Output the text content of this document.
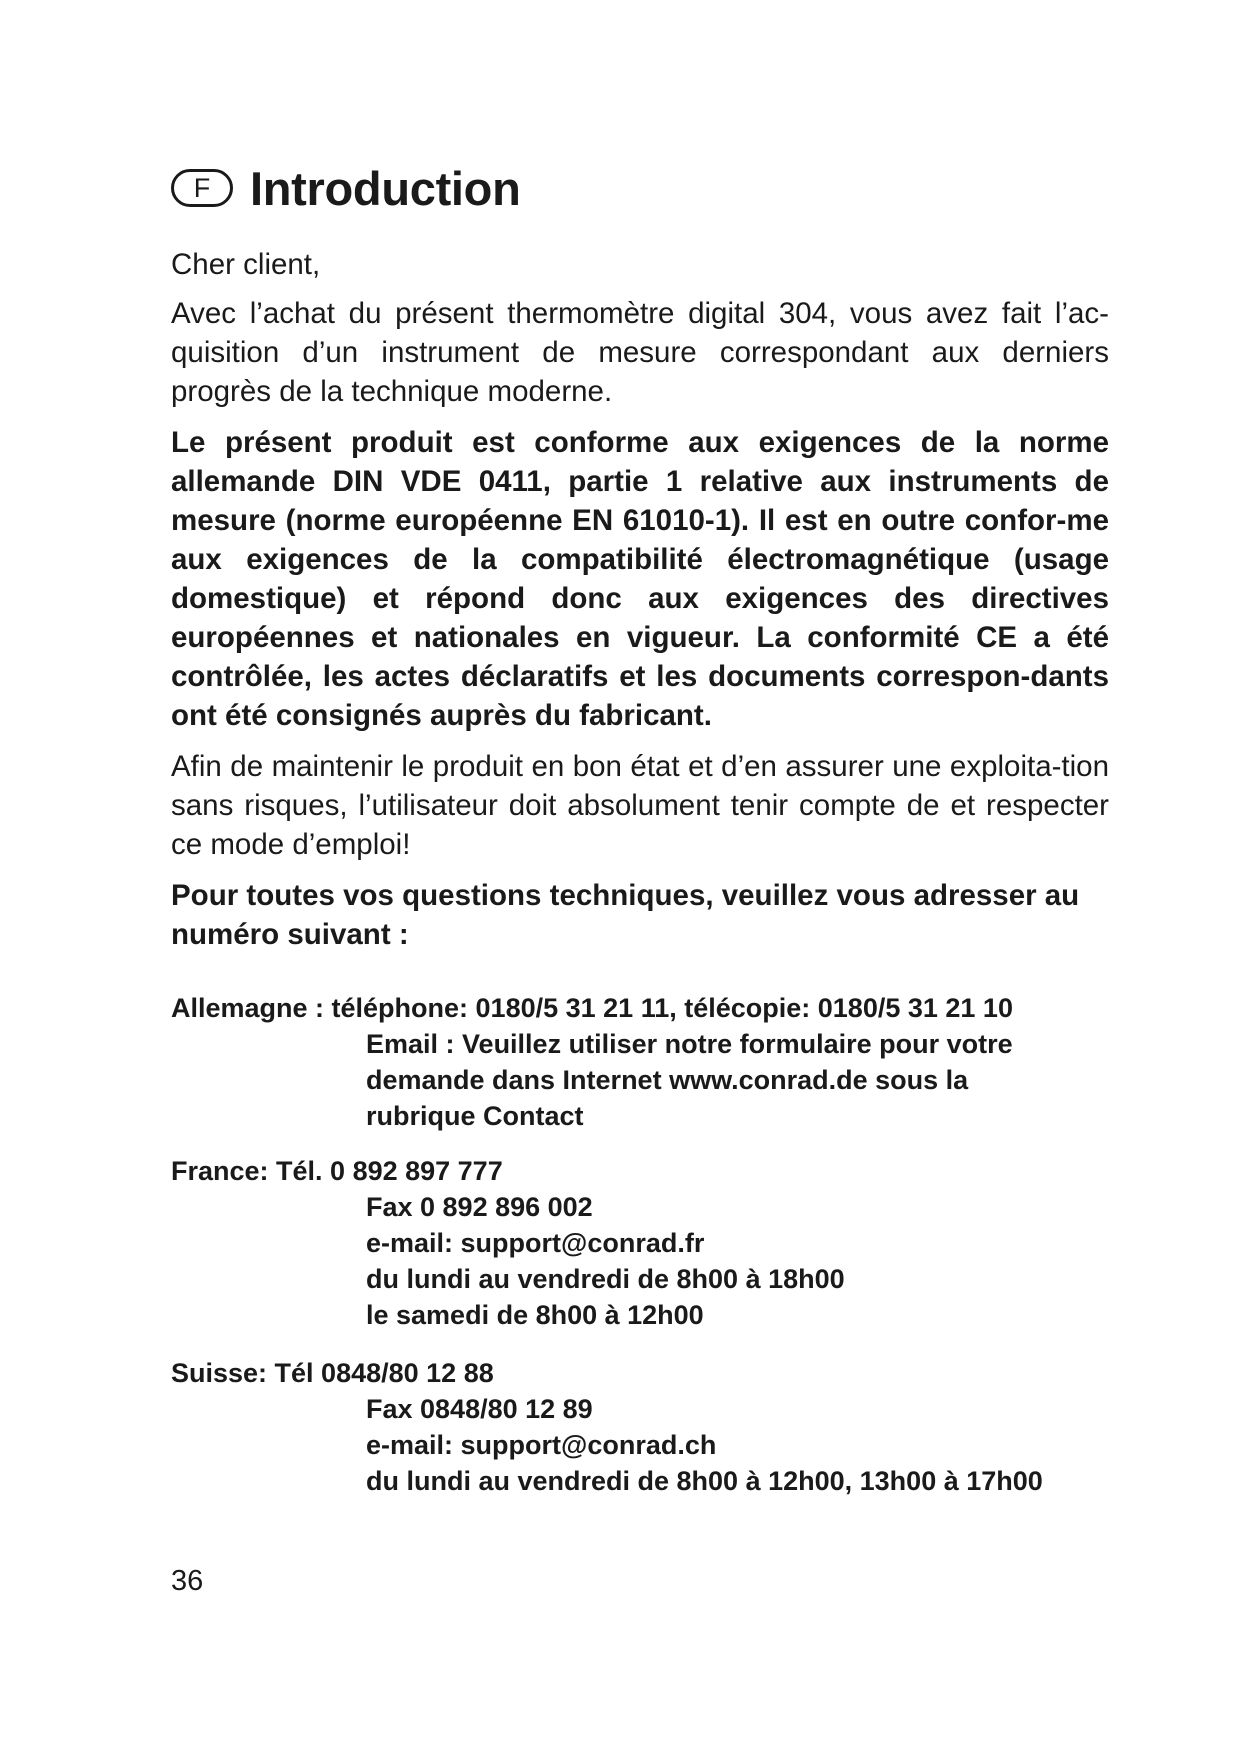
F Introduction

Cher client,

Avec l’achat du présent thermomètre digital 304, vous avez fait l’ac-quisition d’un instrument de mesure correspondant aux derniers progrès de la technique moderne.

Le présent produit est conforme aux exigences de la norme allemande DIN VDE 0411, partie 1 relative aux instruments de mesure (norme européenne EN 61010-1). Il est en outre confor-me aux exigences de la compatibilité électromagnétique (usage domestique) et répond donc aux exigences des directives européennes et nationales en vigueur. La conformité CE a été contrôlée, les actes déclaratifs et les documents correspon-dants ont été consignés auprès du fabricant.

Afin de maintenir le produit en bon état et d’en assurer une exploita-tion sans risques, l’utilisateur doit absolument tenir compte de et respecter ce mode d’emploi!

Pour toutes vos questions techniques, veuillez vous adresser au numéro suivant :

Allemagne : téléphone: 0180/5 31 21 11, télécopie: 0180/5 31 21 10
Email : Veuillez utiliser notre formulaire pour votre
demande dans Internet www.conrad.de sous la
rubrique Contact
France: Tél. 0 892 897 777
Fax 0 892 896 002
e-mail: support@conrad.fr
du lundi au vendredi de 8h00 à 18h00
le samedi de 8h00 à 12h00
Suisse: Tél 0848/80 12 88
Fax 0848/80 12 89
e-mail: support@conrad.ch
du lundi au vendredi de 8h00 à 12h00, 13h00 à 17h00
36
